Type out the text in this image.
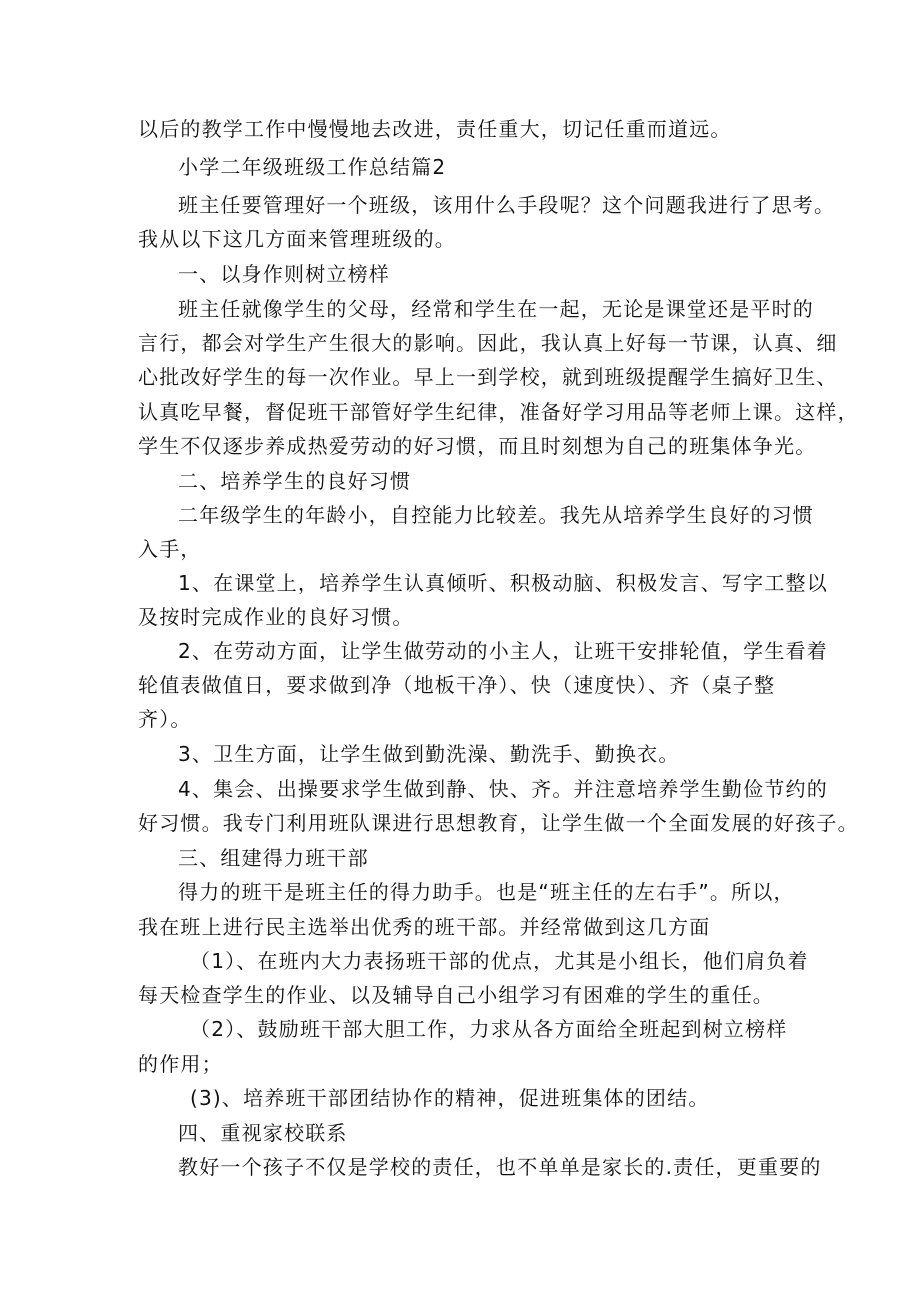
以后的教学工作中慢慢地去改进，责任重大，切记任重而道远。
小学二年级班级工作总结篇2
班主任要管理好一个班级，该用什么手段呢？这个问题我进行了思考。
我从以下这几方面来管理班级的。
一、以身作则树立榜样
班主任就像学生的父母，经常和学生在一起，无论是课堂还是平时的
言行，都会对学生产生很大的影响。因此，我认真上好每一节课，认真、细
心批改好学生的每一次作业。早上一到学校，就到班级提醒学生搞好卫生、
认真吃早餐，督促班干部管好学生纪律，准备好学习用品等老师上课。这样，
学生不仅逐步养成热爱劳动的好习惯，而且时刻想为自己的班集体争光。
二、培养学生的良好习惯
二年级学生的年龄小，自控能力比较差。我先从培养学生良好的习惯
入手，
1、在课堂上，培养学生认真倾听、积极动脑、积极发言、写字工整以
及按时完成作业的良好习惯。
2、在劳动方面，让学生做劳动的小主人，让班干安排轮值，学生看着
轮值表做值日，要求做到净（地板干净）、快（速度快）、齐（桌子整
齐）。
3、卫生方面，让学生做到勤洗澡、勤洗手、勤换衣。
4、集会、出操要求学生做到静、快、齐。并注意培养学生勤俭节约的
好习惯。我专门利用班队课进行思想教育，让学生做一个全面发展的好孩子。
三、组建得力班干部
得力的班干是班主任的得力助手。也是“班主任的左右手”。所以，
我在班上进行民主选举出优秀的班干部。并经常做到这几方面
（1）、在班内大力表扬班干部的优点，尤其是小组长，他们肩负着
每天检查学生的作业、以及辅导自己小组学习有困难的学生的重任。
（2）、鼓励班干部大胆工作，力求从各方面给全班起到树立榜样
的作用；
(3)、培养班干部团结协作的精神，促进班集体的团结。
四、重视家校联系
教好一个孩子不仅是学校的责任，也不单单是家长的.责任，更重要的
